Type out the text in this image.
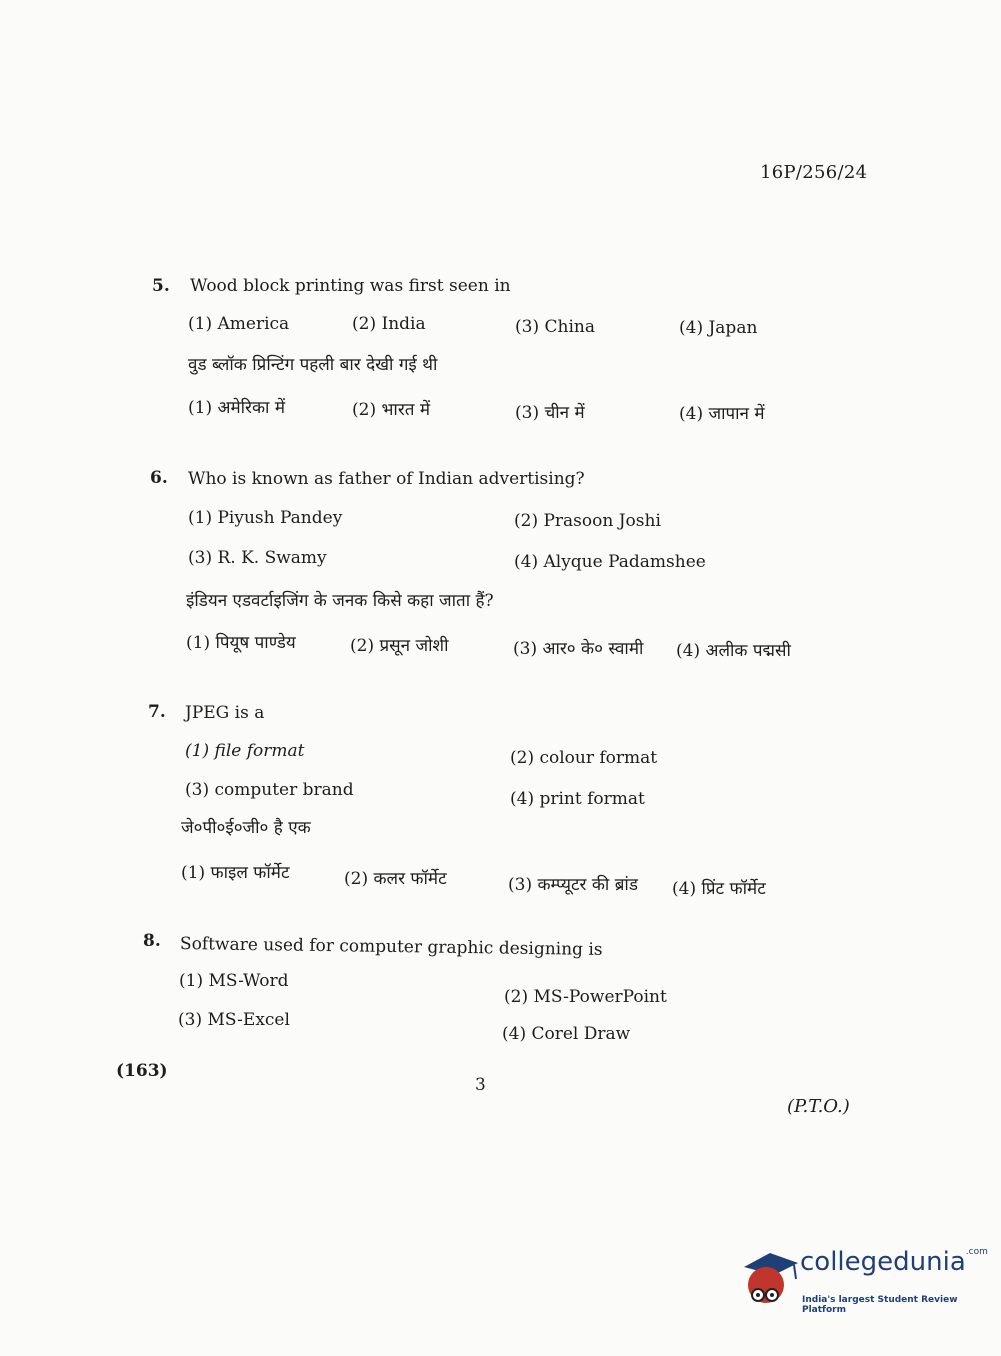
16P/256/24
5. Wood block printing was first seen in
(1) America	(2) India	(3) China	(4) Japan
वुड ब्लॉक प्रिन्टिंग पहली बार देखी गई थी
(1) अमेरिका में	(2) भारत में	(3) चीन में	(4) जापान में
6. Who is known as father of Indian advertising?
(1) Piyush Pandey	(2) Prasoon Joshi
(3) R. K. Swamy	(4) Alyque Padamshee
इंडियन एडवर्टाइजिंग के जनक किसे कहा जाता हैं?
(1) पियूष पाण्डेय	(2) प्रसून जोशी	(3) आर० के० स्वामी (4) अलीक पद्मसी
7. JPEG is a
(1) file format	(2) colour format
(3) computer brand	(4) print format
जे०पी०ई०जी० है एक
(1) फाइल फॉर्मेट	(2) कलर फॉर्मेट	(3) कम्प्यूटर की ब्रांड (4) प्रिंट फॉर्मेट
8. Software used for computer graphic designing is
(1) MS-Word
(2) MS-PowerPoint
(3) MS-Excel
(4) Corel Draw
(163)
3
(P.T.O.)
collegedunia$^{.com}$
India's largest Student Review Platform
